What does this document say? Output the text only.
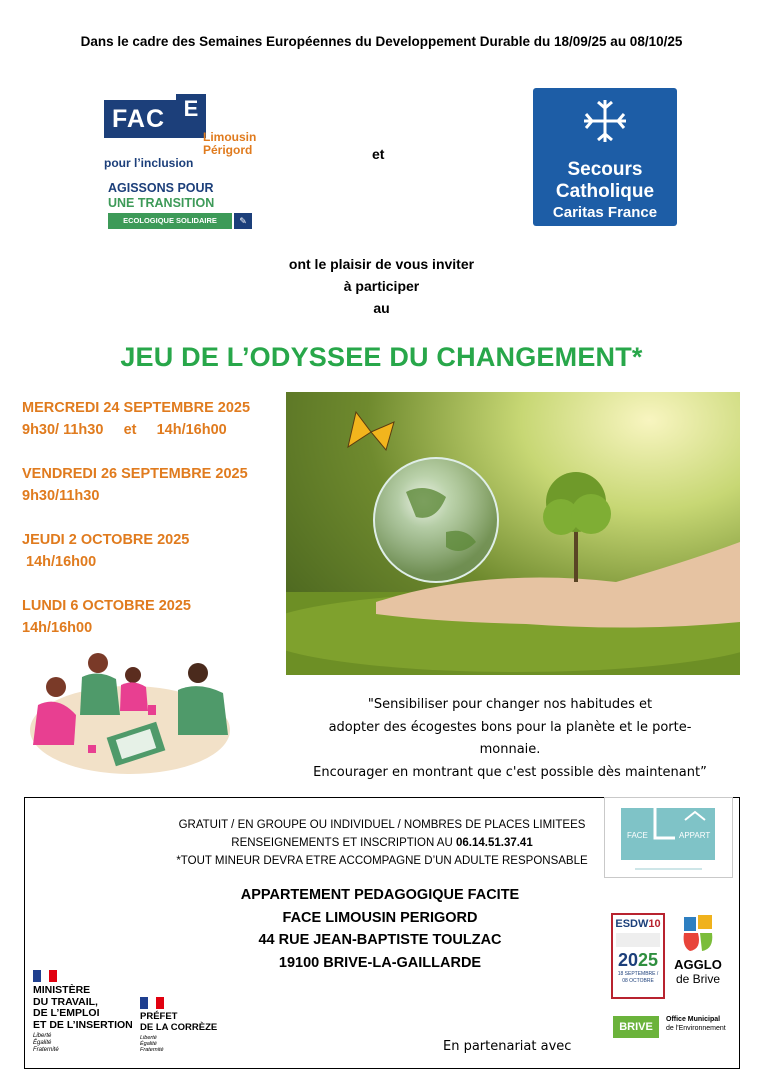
Dans le cadre des Semaines Européennes du Developpement Durable du 18/09/25 au 08/10/25
FAC E
Limousin
Périgord
pour l’inclusion
AGISSONS POUR
UNE TRANSITION
ECOLOGIQUE SOLIDAIRE	✎
et
Secours
Catholique
Caritas France
ont le plaisir de vous inviter
à participer
au
JEU DE L’ODYSSEE DU CHANGEMENT*
MERCREDI 24 SEPTEMBRE 2025
9h30/ 11h30     et     14h/16h00
VENDREDI 26 SEPTEMBRE 2025
9h30/11h30
JEUDI 2 OCTOBRE 2025
14h/16h00
LUNDI 6 OCTOBRE 2025
14h/16h00
"Sensibiliser pour changer nos habitudes et
adopter des écogestes bons pour la planète et le porte-
monnaie.
Encourager en montrant que c'est possible dès maintenant”
GRATUIT / EN GROUPE OU INDIVIDUEL / NOMBRES DE PLACES LIMITEES
RENSEIGNEMENTS ET INSCRIPTION AU 06.14.51.37.41
*TOUT MINEUR DEVRA ETRE ACCOMPAGNE D’UN ADULTE RESPONSABLE
FACE	APPART
APPARTEMENT PEDAGOGIQUE FACITE
FACE LIMOUSIN PERIGORD
44 RUE JEAN-BAPTISTE TOULZAC
19100 BRIVE-LA-GAILLARDE
MINISTÈRE
DU TRAVAIL,
DE L’EMPLOI
ET DE L’INSERTION
Liberté
Égalité
Fraternité
PRÉFET
DE LA CORRÈZE
Liberté
Égalité
Fraternité
ESDW10
2025
18 SEPTEMBRE / 08 OCTOBRE
AGGLO
de Brive
BRIVE
Office Municipal
de l'Environnement
En partenariat avec
